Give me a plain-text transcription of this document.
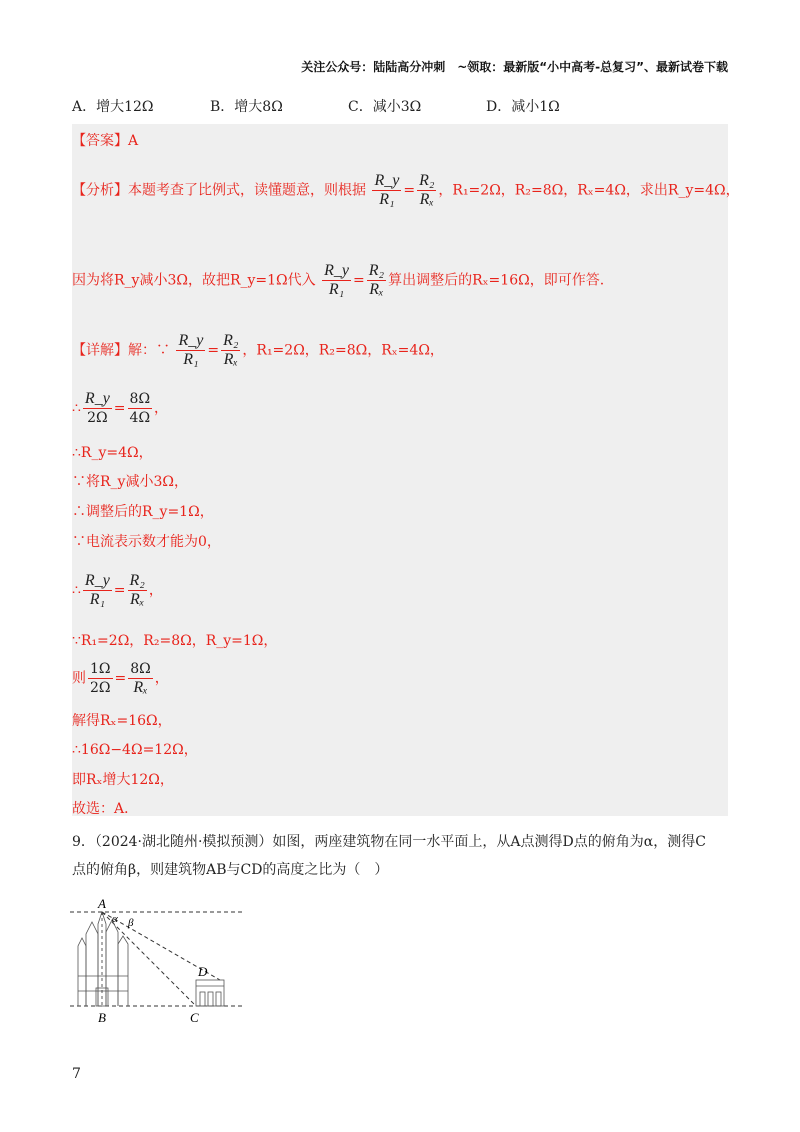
关注公众号：陆陆高分冲刺　~领取：最新版“小中高考-总复习”、最新试卷下载
A．增大12Ω	B．增大8Ω	C．减小3Ω	D．减小1Ω
【答案】A
【分析】本题考查了比例式，读懂题意，则根据 $\frac{R\_y}{\text{R₁}} = \frac{\text{R₂}}{\text{Rₓ}}$ ，R₁=2Ω，R₂=8Ω，Rₓ=4Ω，求出R_y=4Ω，
因为将R_y减小3Ω，故把R_y=1Ω代入 $\frac{R\_y}{\text{R₁}} = \frac{\text{R₂}}{\text{Rₓ}}$ 算出调整后的Rₓ=16Ω，即可作答.
【详解】解：∵ $\frac{R\_y}{\text{R₁}} = \frac{\text{R₂}}{\text{Rₓ}}$ ，R₁=2Ω，R₂=8Ω，Rₓ=4Ω，
∴ $\frac{R\_y}{2\Omega} = \frac{8\Omega}{4\Omega}$ ，
∴R_y=4Ω，
∵将R_y减小3Ω，
∴调整后的R_y=1Ω，
∵电流表示数才能为0，
∴ $\frac{R\_y}{\text{R₁}} = \frac{\text{R₂}}{\text{Rₓ}}$ ，
∵R₁=2Ω，R₂=8Ω，R_y=1Ω，
则 $\frac{1\Omega}{2\Omega} = \frac{8\Omega}{\text{Rₓ}}$ ，
解得Rₓ=16Ω，
∴16Ω−4Ω=12Ω，
即Rₓ增大12Ω，
故选：A．
9．（2024·湖北随州·模拟预测）如图，两座建筑物在同一水平面上，从A点测得D点的俯角为α，测得C
点的俯角β，则建筑物AB与CD的高度之比为（　）
A
α β
B	C
D
7
